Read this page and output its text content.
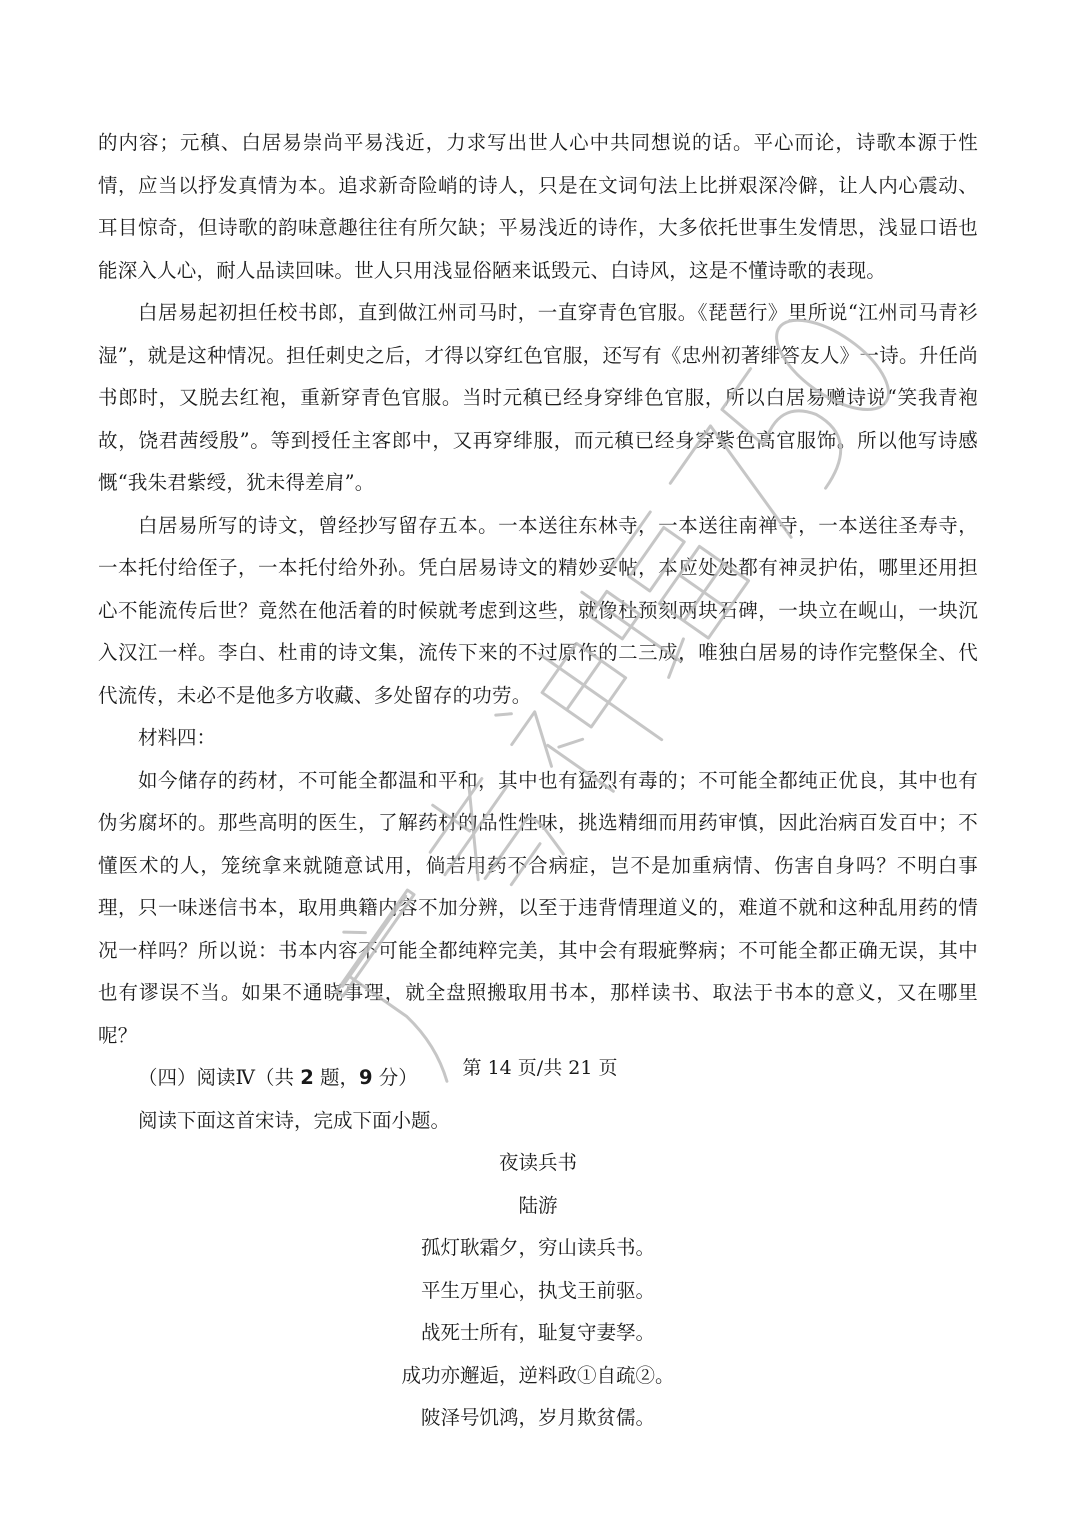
的内容；元稹、白居易崇尚平易浅近，力求写出世人心中共同想说的话。平心而论，诗歌本源于性情，应当以抒发真情为本。追求新奇险峭的诗人，只是在文词句法上比拼艰深冷僻，让人内心震动、耳目惊奇，但诗歌的韵味意趣往往有所欠缺；平易浅近的诗作，大多依托世事生发情思，浅显口语也能深入人心，耐人品读回味。世人只用浅显俗陋来诋毁元、白诗风，这是不懂诗歌的表现。

白居易起初担任校书郎，直到做江州司马时，一直穿青色官服。《琵琶行》里所说“江州司马青衫湿”，就是这种情况。担任刺史之后，才得以穿红色官服，还写有《忠州初著绯答友人》一诗。升任尚书郎时，又脱去红袍，重新穿青色官服。当时元稹已经身穿绯色官服，所以白居易赠诗说“笑我青袍故，饶君茜绶殷”。等到授任主客郎中，又再穿绯服，而元稹已经身穿紫色高官服饰。所以他写诗感慨“我朱君紫绶，犹未得差肩”。

白居易所写的诗文，曾经抄写留存五本。一本送往东林寺，一本送往南禅寺，一本送往圣寿寺，一本托付给侄子，一本托付给外孙。凭白居易诗文的精妙妥帖，本应处处都有神灵护佑，哪里还用担心不能流传后世？竟然在他活着的时候就考虑到这些，就像杜预刻两块石碑，一块立在岘山，一块沉入汉江一样。李白、杜甫的诗文集，流传下来的不过原作的二三成，唯独白居易的诗作完整保全、代代流传，未必不是他多方收藏、多处留存的功劳。

材料四：

如今储存的药材，不可能全都温和平和，其中也有猛烈有毒的；不可能全都纯正优良，其中也有伪劣腐坏的。那些高明的医生，了解药材的品性性味，挑选精细而用药审慎，因此治病百发百中；不懂医术的人，笼统拿来就随意试用，倘若用药不合病症，岂不是加重病情、伤害自身吗？不明白事理，只一味迷信书本，取用典籍内容不加分辨，以至于违背情理道义的，难道不就和这种乱用药的情况一样吗？所以说：书本内容不可能全都纯粹完美，其中会有瑕疵弊病；不可能全都正确无误，其中也有谬误不当。如果不通晓事理，就全盘照搬取用书本，那样读书、取法于书本的意义，又在哪里呢？

（四）阅读Ⅳ（共 2 题，9 分）

阅读下面这首宋诗，完成下面小题。

夜读兵书
陆游
孤灯耿霜夕，穷山读兵书。
平生万里心，执戈王前驱。
战死士所有，耻复守妻孥。
成功亦邂逅，逆料政①自疏②。
陂泽号饥鸿，岁月欺贫儒。
第 14 页/共 21 页
